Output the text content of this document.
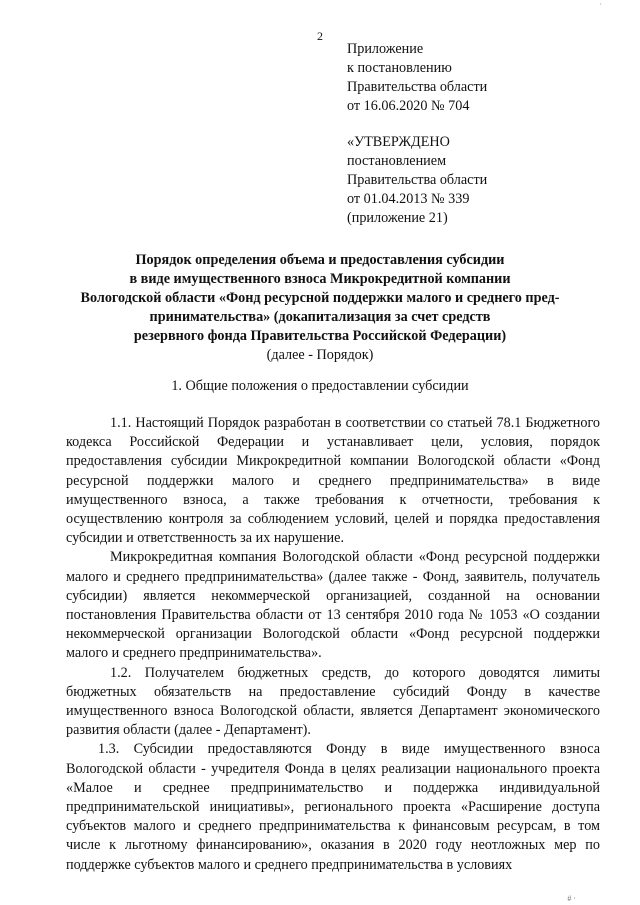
·
2
Приложение
к постановлению
Правительства области
от 16.06.2020 № 704
«УТВЕРЖДЕНО
постановлением
Правительства области
от 01.04.2013 № 339
(приложение 21)
Порядок определения объема и предоставления субсидии
в виде имущественного взноса Микрокредитной компании
Вологодской области «Фонд ресурсной поддержки малого и среднего пред-
принимательства» (докапитализация за счет средств
резервного фонда Правительства Российской Федерации)
(далее - Порядок)
1. Общие положения о предоставлении субсидии

1.1. Настоящий Порядок разработан в соответствии со статьей 78.1 Бюджетного кодекса Российской Федерации и устанавливает цели, условия, порядок предоставления субсидии Микрокредитной компании Вологодской области «Фонд ресурсной поддержки малого и среднего предпринимательства» в виде имущественного взноса, а также требования к отчетности, требования к осуществлению контроля за соблюдением условий, целей и порядка предоставления субсидии и ответственность за их нарушение.

Микрокредитная компания Вологодской области «Фонд ресурсной поддержки малого и среднего предпринимательства» (далее также - Фонд, заявитель, получатель субсидии) является некоммерческой организацией, созданной на основании постановления Правительства области от 13 сентября 2010 года № 1053 «О создании некоммерческой организации Вологодской области «Фонд ресурсной поддержки малого и среднего предпринимательства».

1.2. Получателем бюджетных средств, до которого доводятся лимиты бюджетных обязательств на предоставление субсидий Фонду в качестве имущественного взноса Вологодской области, является Департамент экономического развития области (далее - Департамент).

1.3. Субсидии предоставляются Фонду в виде имущественного взноса Вологодской области - учредителя Фонда в целях реализации национального проекта «Малое и среднее предпринимательство и поддержка индивидуальной предпринимательской инициативы», регионального проекта «Расширение доступа субъектов малого и среднего предпринимательства к финансовым ресурсам, в том числе к льготному финансированию», оказания в 2020 году неотложных мер по поддержке субъектов малого и среднего предпринимательства в условиях

# ·
